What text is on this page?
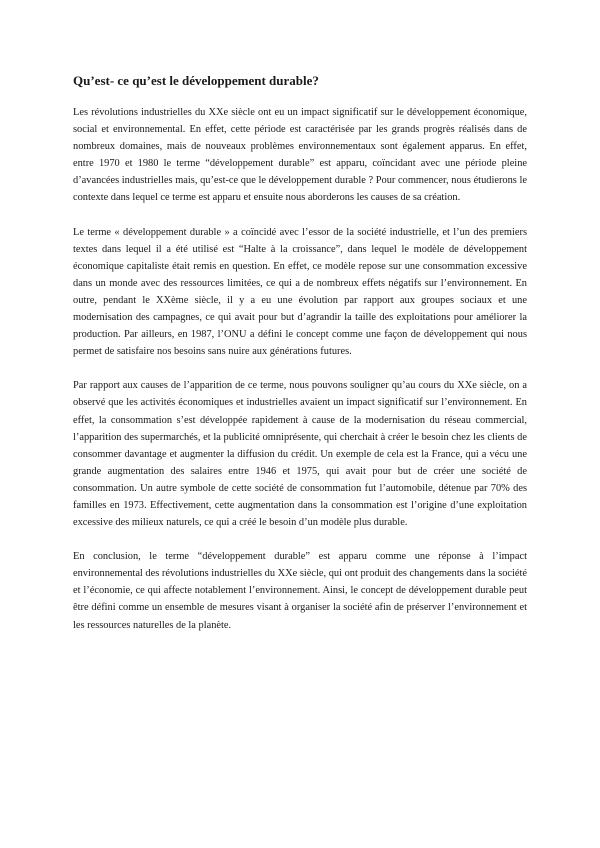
Qu’est- ce qu’est le développement durable?

Les révolutions industrielles du XXe siècle ont eu un impact significatif sur le développement économique, social et environnemental. En effet, cette période est caractérisée par les grands progrès réalisés dans de nombreux domaines, mais de nouveaux problèmes environnementaux sont également apparus. En effet, entre 1970 et 1980 le terme “développement durable” est apparu, coïncidant avec une période pleine d’avancées industrielles mais, qu’est-ce que le développement durable ? Pour commencer, nous étudierons le contexte dans lequel ce terme est apparu et ensuite nous aborderons les causes de sa création.

Le terme « développement durable » a coïncidé avec l’essor de la société industrielle, et l’un des premiers textes dans lequel il a été utilisé est “Halte à la croissance”, dans lequel le modèle de développement économique capitaliste était remis en question. En effet, ce modèle repose sur une consommation excessive dans un monde avec des ressources limitées, ce qui a de nombreux effets négatifs sur l’environnement. En outre, pendant le XXème siècle, il y a eu une évolution par rapport aux groupes sociaux et une modernisation des campagnes, ce qui avait pour but d’agrandir la taille des exploitations pour améliorer la production. Par ailleurs, en 1987, l’ONU a défini le concept comme une façon de développement qui nous permet de satisfaire nos besoins sans nuire aux générations futures.

Par rapport aux causes de l’apparition de ce terme, nous pouvons souligner qu’au cours du XXe siècle, on a observé que les activités économiques et industrielles avaient un impact significatif sur l’environnement. En effet, la consommation s’est développée rapidement à cause de la modernisation du réseau commercial, l’apparition des supermarchés, et la publicité omniprésente, qui cherchait à créer le besoin chez les clients de consommer davantage et augmenter la diffusion du crédit. Un exemple de cela est la France, qui a vécu une grande augmentation des salaires entre 1946 et 1975, qui avait pour but de créer une société de consommation. Un autre symbole de cette société de consommation fut l’automobile, détenue par 70% des familles en 1973. Effectivement, cette augmentation dans la consommation est l’origine d’une exploitation excessive des milieux naturels, ce qui a créé le besoin d’un modèle plus durable.

En conclusion, le terme “développement durable” est apparu comme une réponse à l’impact environnemental des révolutions industrielles du XXe siècle, qui ont produit des changements dans la société et l’économie, ce qui affecte notablement l’environnement. Ainsi, le concept de développement durable peut être défini comme un ensemble de mesures visant à organiser la société afin de préserver l’environnement et les ressources naturelles de la planète.
